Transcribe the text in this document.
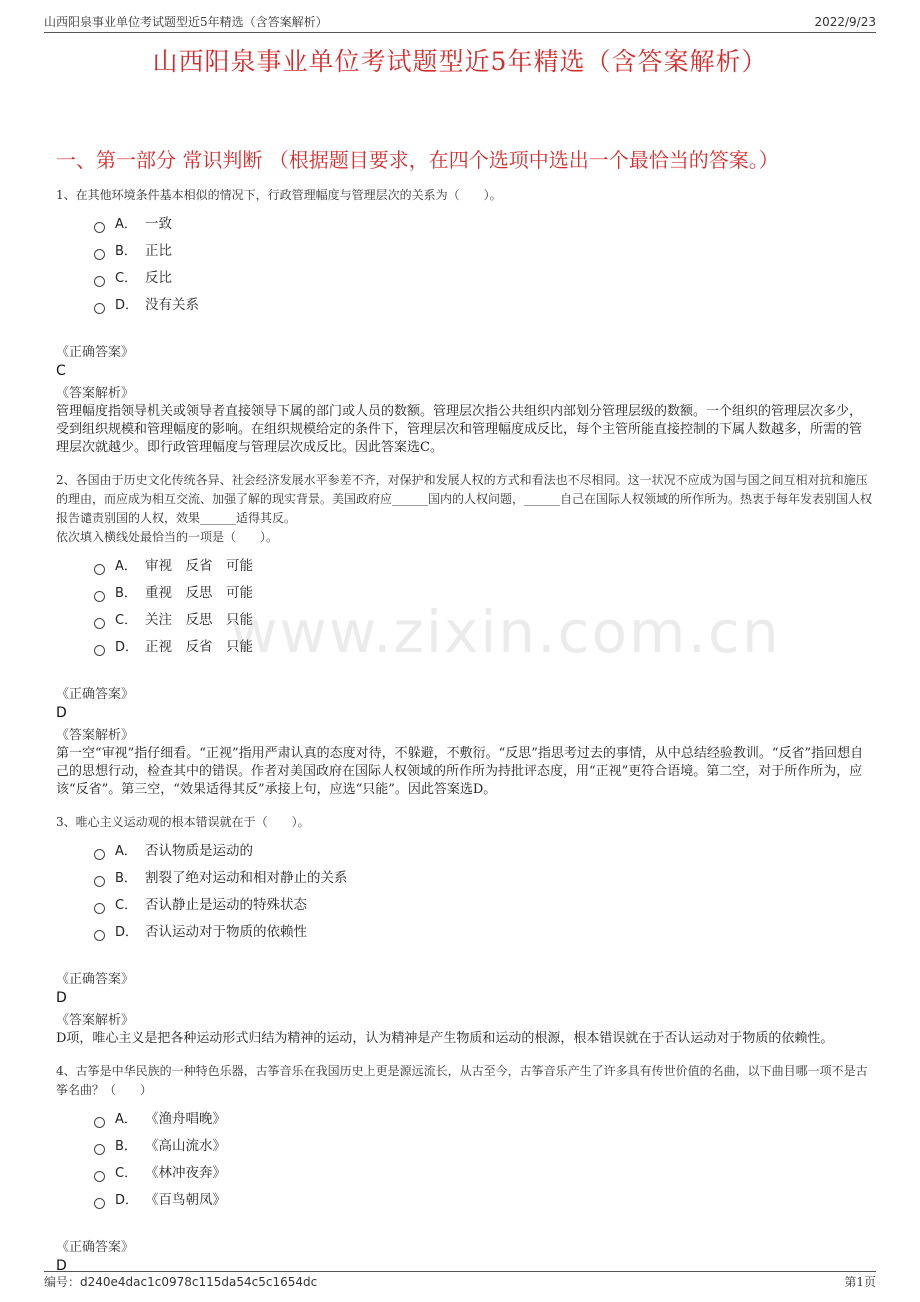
山西阳泉事业单位考试题型近5年精选（含答案解析）	2022/9/23
山西阳泉事业单位考试题型近5年精选（含答案解析）
一、第一部分 常识判断 （根据题目要求，在四个选项中选出一个最恰当的答案。）
www.zixin.com.cn
1、在其他环境条件基本相似的情况下，行政管理幅度与管理层次的关系为（　　）。
A． 一致
B． 正比
C． 反比
D． 没有关系
《正确答案》
C
《答案解析》
管理幅度指领导机关或领导者直接领导下属的部门或人员的数额。管理层次指公共组织内部划分管理层级的数额。一个组织的管理层次多少，受到组织规模和管理幅度的影响。在组织规模给定的条件下，管理层次和管理幅度成反比，每个主管所能直接控制的下属人数越多，所需的管理层次就越少。即行政管理幅度与管理层次成反比。因此答案选C。
2、各国由于历史文化传统各异、社会经济发展水平参差不齐，对保护和发展人权的方式和看法也不尽相同。这一状况不应成为国与国之间互相对抗和施压的理由，而应成为相互交流、加强了解的现实背景。美国政府应______国内的人权问题，______自己在国际人权领域的所作所为。热衷于每年发表别国人权报告谴责别国的人权，效果______适得其反。
依次填入横线处最恰当的一项是（　　）。
A． 审视　反省　可能
B． 重视　反思　可能
C． 关注　反思　只能
D． 正视　反省　只能
《正确答案》
D
《答案解析》
第一空“审视”指仔细看。“正视”指用严肃认真的态度对待，不躲避，不敷衍。“反思”指思考过去的事情，从中总结经验教训。“反省”指回想自己的思想行动，检查其中的错误。作者对美国政府在国际人权领域的所作所为持批评态度，用“正视”更符合语境。第二空，对于所作所为，应该“反省”。第三空，“效果适得其反”承接上句，应选“只能”。因此答案选D。
3、唯心主义运动观的根本错误就在于（　　）。
A． 否认物质是运动的
B． 割裂了绝对运动和相对静止的关系
C． 否认静止是运动的特殊状态
D． 否认运动对于物质的依赖性
《正确答案》
D
《答案解析》
D项，唯心主义是把各种运动形式归结为精神的运动，认为精神是产生物质和运动的根源，根本错误就在于否认运动对于物质的依赖性。
4、古筝是中华民族的一种特色乐器，古筝音乐在我国历史上更是源远流长，从古至今，古筝音乐产生了许多具有传世价值的名曲，以下曲目哪一项不是古筝名曲？（　　）
A． 《渔舟唱晚》
B． 《高山流水》
C． 《林冲夜奔》
D． 《百鸟朝凤》
《正确答案》
D
编号：d240e4dac1c0978c115da54c5c1654dc	第1页
